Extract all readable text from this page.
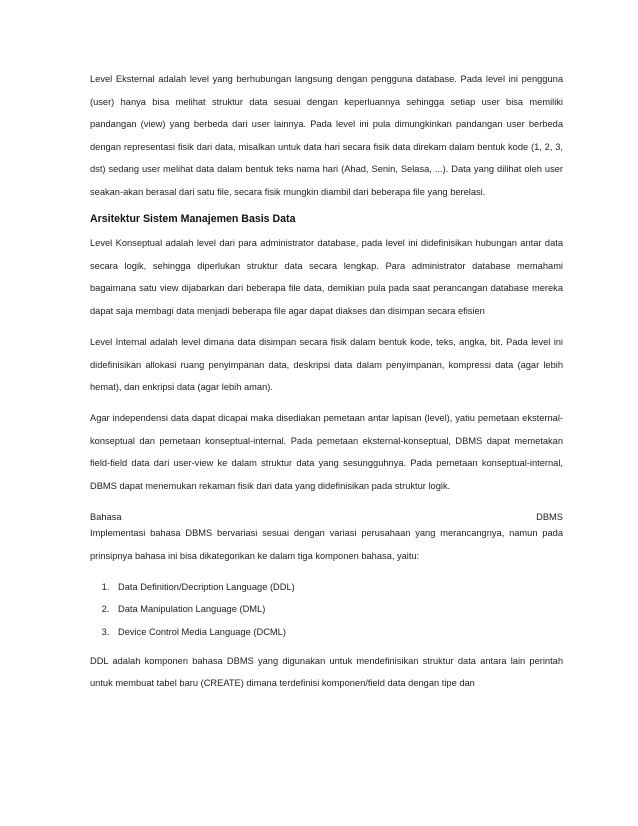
Level Eksternal adalah level yang berhubungan langsung dengan pengguna database. Pada level ini pengguna (user) hanya bisa melihat struktur data sesuai dengan keperluannya sehingga setiap user bisa memiliki pandangan (view) yang berbeda dari user lainnya. Pada level ini pula dimungkinkan pandangan user berbeda dengan representasi fisik dari data, misalkan untuk data hari secara fisik data direkam dalam bentuk kode (1, 2, 3, dst) sedang user melihat data dalam bentuk teks nama hari (Ahad, Senin, Selasa, ...). Data yang dilihat oleh user seakan-akan berasal dari satu file, secara fisik mungkin diambil dari beberapa file yang berelasi.

Arsitektur Sistem Manajemen Basis Data

Level Konseptual adalah level dari para administrator database, pada level ini didefinisikan hubungan antar data secara logik, sehingga diperlukan struktur data secara lengkap. Para administrator database memahami bagaimana satu view dijabarkan dari beberapa file data, demikian pula pada saat perancangan database mereka dapat saja membagi data menjadi beberapa file agar dapat diakses dan disimpan secara efisien

Level Internal adalah level dimana data disimpan secara fisik dalam bentuk kode, teks, angka, bit. Pada level ini didefinisikan allokasi ruang penyimpanan data, deskripsi data dalam penyimpanan, kompressi data (agar lebih hemat), dan enkripsi data (agar lebih aman).

Agar independensi data dapat dicapai maka disediakan pemetaan antar lapisan (level), yatiu pemetaan eksternal-konseptual dan pemetaan konseptual-internal. Pada pemetaan eksternal-konseptual, DBMS dapat memetakan field-field data dari user-view ke dalam struktur data yang sesungguhnya. Pada pemetaan konseptual-internal, DBMS dapat menemukan rekaman fisik dari data yang didefinisikan pada struktur logik.

Bahasa	DBMS

Implementasi bahasa DBMS bervariasi sesuai dengan variasi perusahaan yang merancangnya, namun pada prinsipnya bahasa ini bisa dikategorikan ke dalam tiga komponen bahasa, yaitu:

1. Data Definition/Decription Language (DDL)
2. Data Manipulation Language (DML)
3. Device Control Media Language (DCML)

DDL adalah komponen bahasa DBMS yang digunakan untuk mendefinisikan struktur data antara lain perintah untuk membuat tabel baru (CREATE) dimana terdefinisi komponen/field data dengan tipe dan
